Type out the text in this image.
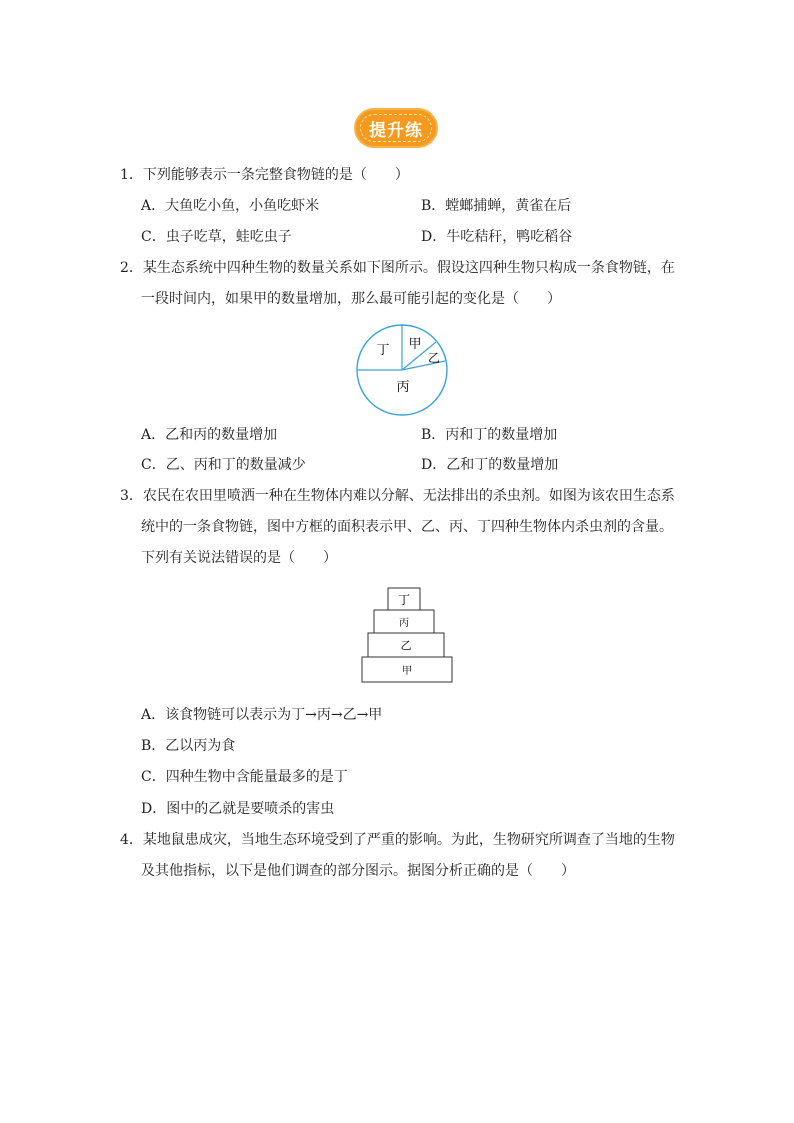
提升练
1．下列能够表示一条完整食物链的是（　　）
A．大鱼吃小鱼，小鱼吃虾米	B．螳螂捕蝉，黄雀在后
C．虫子吃草，蛙吃虫子	D．牛吃秸秆，鸭吃稻谷
2．某生态系统中四种生物的数量关系如下图所示。假设这四种生物只构成一条食物链，在
一段时间内，如果甲的数量增加，那么最可能引起的变化是（　　）
丁 甲
乙
丙
A．乙和丙的数量增加	B．丙和丁的数量增加
C．乙、丙和丁的数量减少	D．乙和丁的数量增加
3．农民在农田里喷洒一种在生物体内难以分解、无法排出的杀虫剂。如图为该农田生态系
统中的一条食物链，图中方框的面积表示甲、乙、丙、丁四种生物体内杀虫剂的含量。
下列有关说法错误的是（　　）
丁
丙
乙
甲
A．该食物链可以表示为丁→丙→乙→甲
B．乙以丙为食
C．四种生物中含能量最多的是丁
D．图中的乙就是要喷杀的害虫
4．某地鼠患成灾，当地生态环境受到了严重的影响。为此，生物研究所调查了当地的生物
及其他指标，以下是他们调查的部分图示。据图分析正确的是（　　）
